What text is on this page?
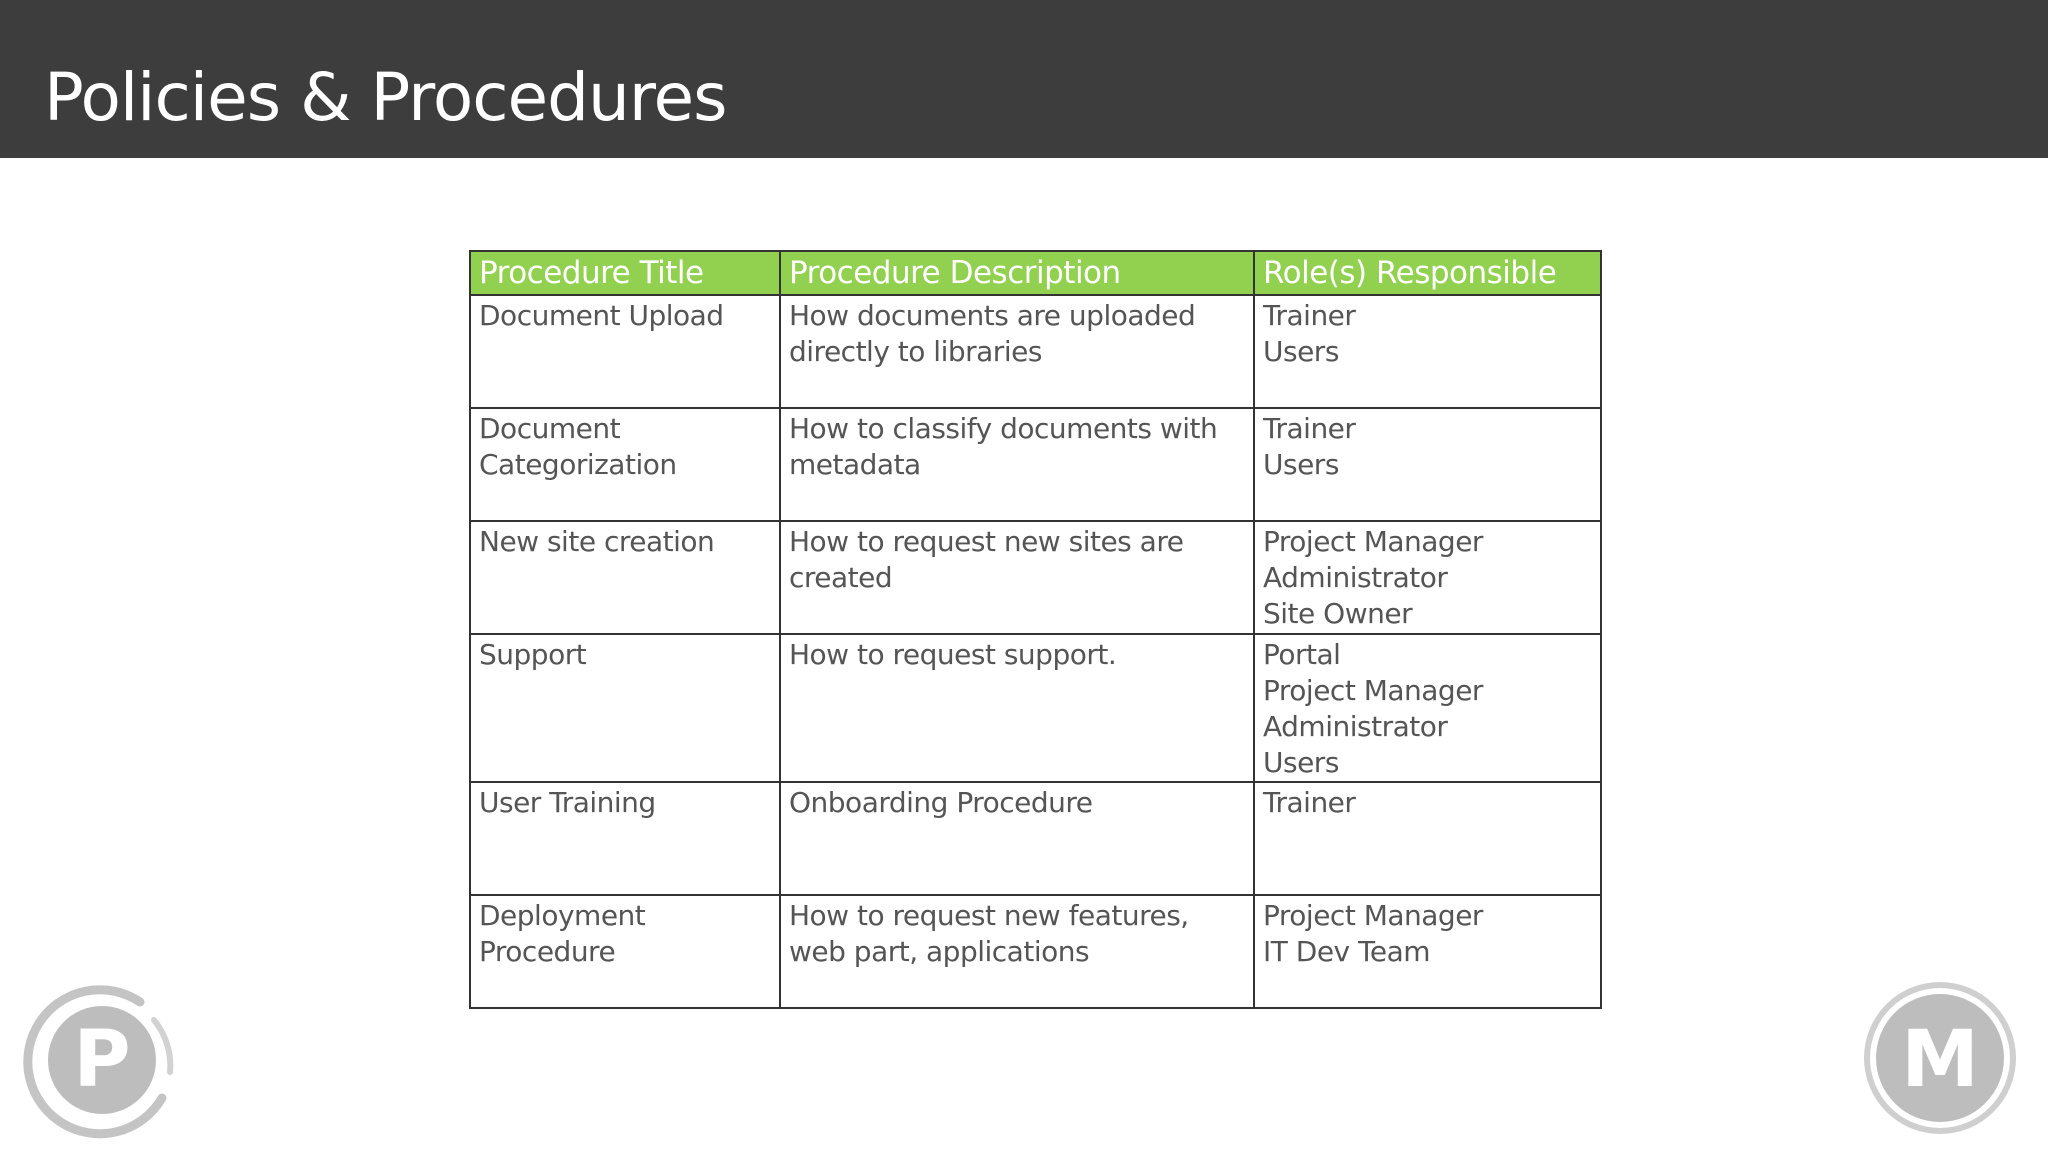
Policies & Procedures
Procedure Title	Procedure Description	Role(s) Responsible
Document Upload	How documents are uploaded directly to libraries	Trainer
Users

Document Categorization	How to classify documents with metadata	Trainer
Users

New site creation	How to request new sites are created	Project Manager
Administrator
Site Owner

Support	How to request support.	Portal
Project Manager
Administrator
Users

User Training	Onboarding Procedure	Trainer

Deployment Procedure	How to request new features, web part, applications	Project Manager
IT Dev Team
P	M
